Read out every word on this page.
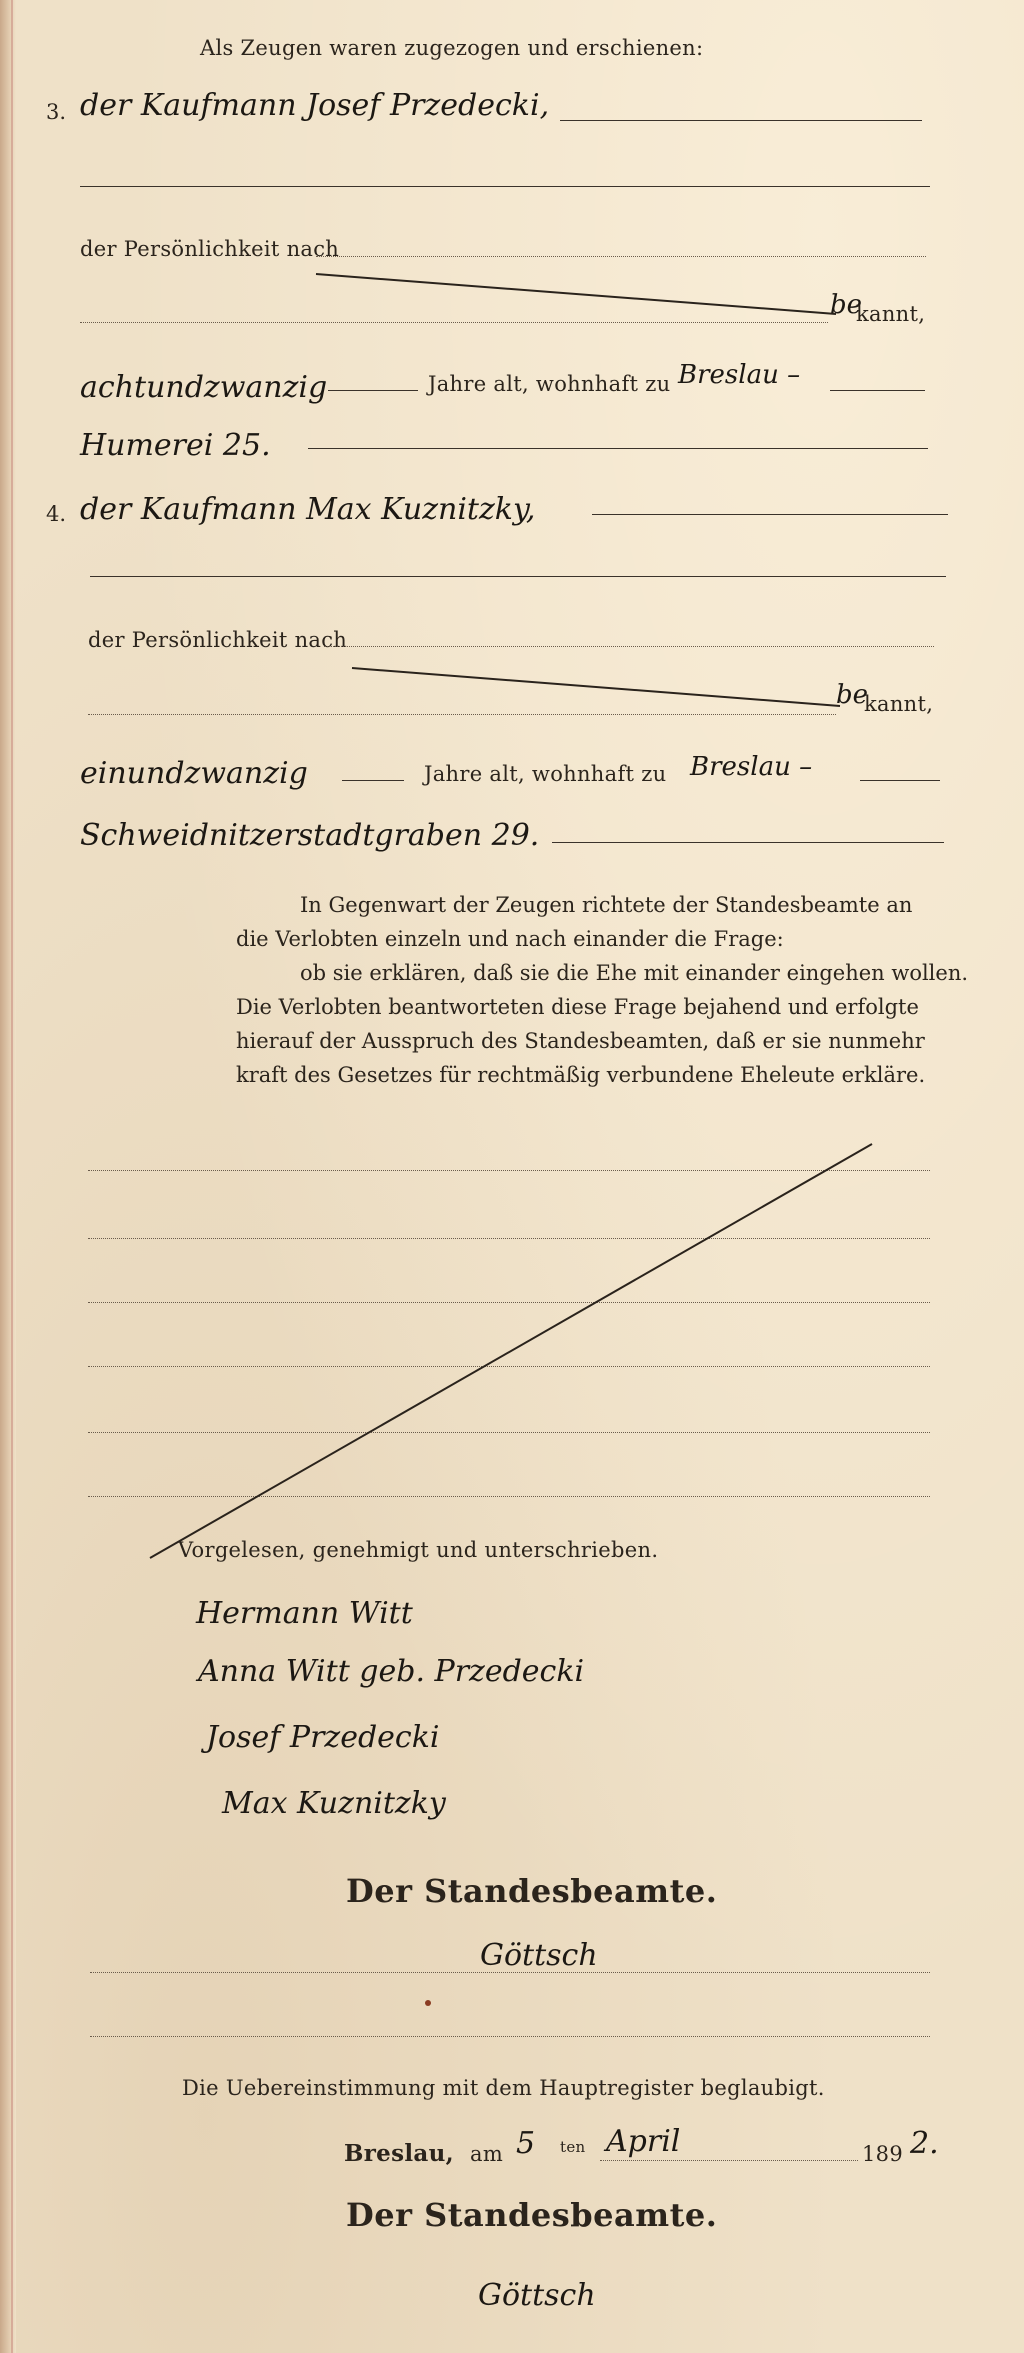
Als Zeugen waren zugezogen und erschienen:
3. der Kaufmann Josef Przedecki,
der Persönlichkeit nach
be
kannt,
achtundzwanzig	Jahre alt, wohnhaft zu Breslau –
Humerei 25.
4. der Kaufmann Max Kuznitzky,
der Persönlichkeit nach
be
kannt,
einundzwanzig	Jahre alt, wohnhaft zu Breslau –
Schweidnitzerstadtgraben 29.
In Gegenwart der Zeugen richtete der Standesbeamte an
die Verlobten einzeln und nach einander die Frage:
ob sie erklären, daß sie die Ehe mit einander eingehen wollen.
Die Verlobten beantworteten diese Frage bejahend und erfolgte
hierauf der Ausspruch des Standesbeamten, daß er sie nunmehr
kraft des Gesetzes für rechtmäßig verbundene Eheleute erkläre.
Vorgelesen, genehmigt und unterschrieben.
Hermann Witt
Anna Witt geb. Przedecki
Josef Przedecki
Max Kuznitzky
Der Standesbeamte.
Göttsch
Die Uebereinstimmung mit dem Hauptregister beglaubigt.
Breslau, am 5 ten April	189 2.
Der Standesbeamte.
Göttsch
